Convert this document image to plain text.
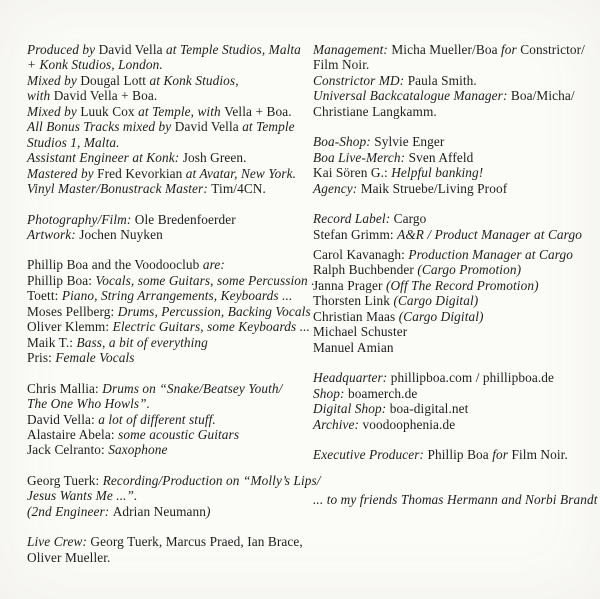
Produced by David Vella at Temple Studios, Malta
+ Konk Studios, London.
Mixed by Dougal Lott at Konk Studios,
with David Vella + Boa.
Mixed by Luuk Cox at Temple, with Vella + Boa.
All Bonus Tracks mixed by David Vella at Temple
Studios 1, Malta.
Assistant Engineer at Konk: Josh Green.
Mastered by Fred Kevorkian at Avatar, New York.
Vinyl Master/Bonustrack Master: Tim/4CN.
Photography/Film: Ole Bredenfoerder
Artwork: Jochen Nuyken
Phillip Boa and the Voodooclub are:
Phillip Boa: Vocals, some Guitars, some Percussion ...
Toett: Piano, String Arrangements, Keyboards ...
Moses Pellberg: Drums, Percussion, Backing Vocals
Oliver Klemm: Electric Guitars, some Keyboards ...
Maik T.: Bass, a bit of everything
Pris: Female Vocals
Chris Mallia: Drums on “Snake/Beatsey Youth/
The One Who Howls”.
David Vella: a lot of different stuff.
Alastaire Abela: some acoustic Guitars
Jack Celranto: Saxophone
Georg Tuerk: Recording/Production on “Molly’s Lips/
Jesus Wants Me ...”.
(2nd Engineer: Adrian Neumann)
Live Crew: Georg Tuerk, Marcus Praed, Ian Brace,
Oliver Mueller.
Management: Micha Mueller/Boa for Constrictor/
Film Noir.
Constrictor MD: Paula Smith.
Universal Backcatalogue Manager: Boa/Micha/
Christiane Langkamm.
Boa-Shop: Sylvie Enger
Boa Live-Merch: Sven Affeld
Kai Sören G.: Helpful banking!
Agency: Maik Struebe/Living Proof
Record Label: Cargo
Stefan Grimm: A&R / Product Manager at Cargo
Carol Kavanagh: Production Manager at Cargo
Ralph Buchbender (Cargo Promotion)
Janna Prager (Off The Record Promotion)
Thorsten Link (Cargo Digital)
Christian Maas (Cargo Digital)
Michael Schuster
Manuel Amian
Headquarter: phillipboa.com / phillipboa.de
Shop: boamerch.de
Digital Shop: boa-digital.net
Archive: voodoophenia.de
Executive Producer: Phillip Boa for Film Noir.
... to my friends Thomas Hermann and Norbi Brandt
